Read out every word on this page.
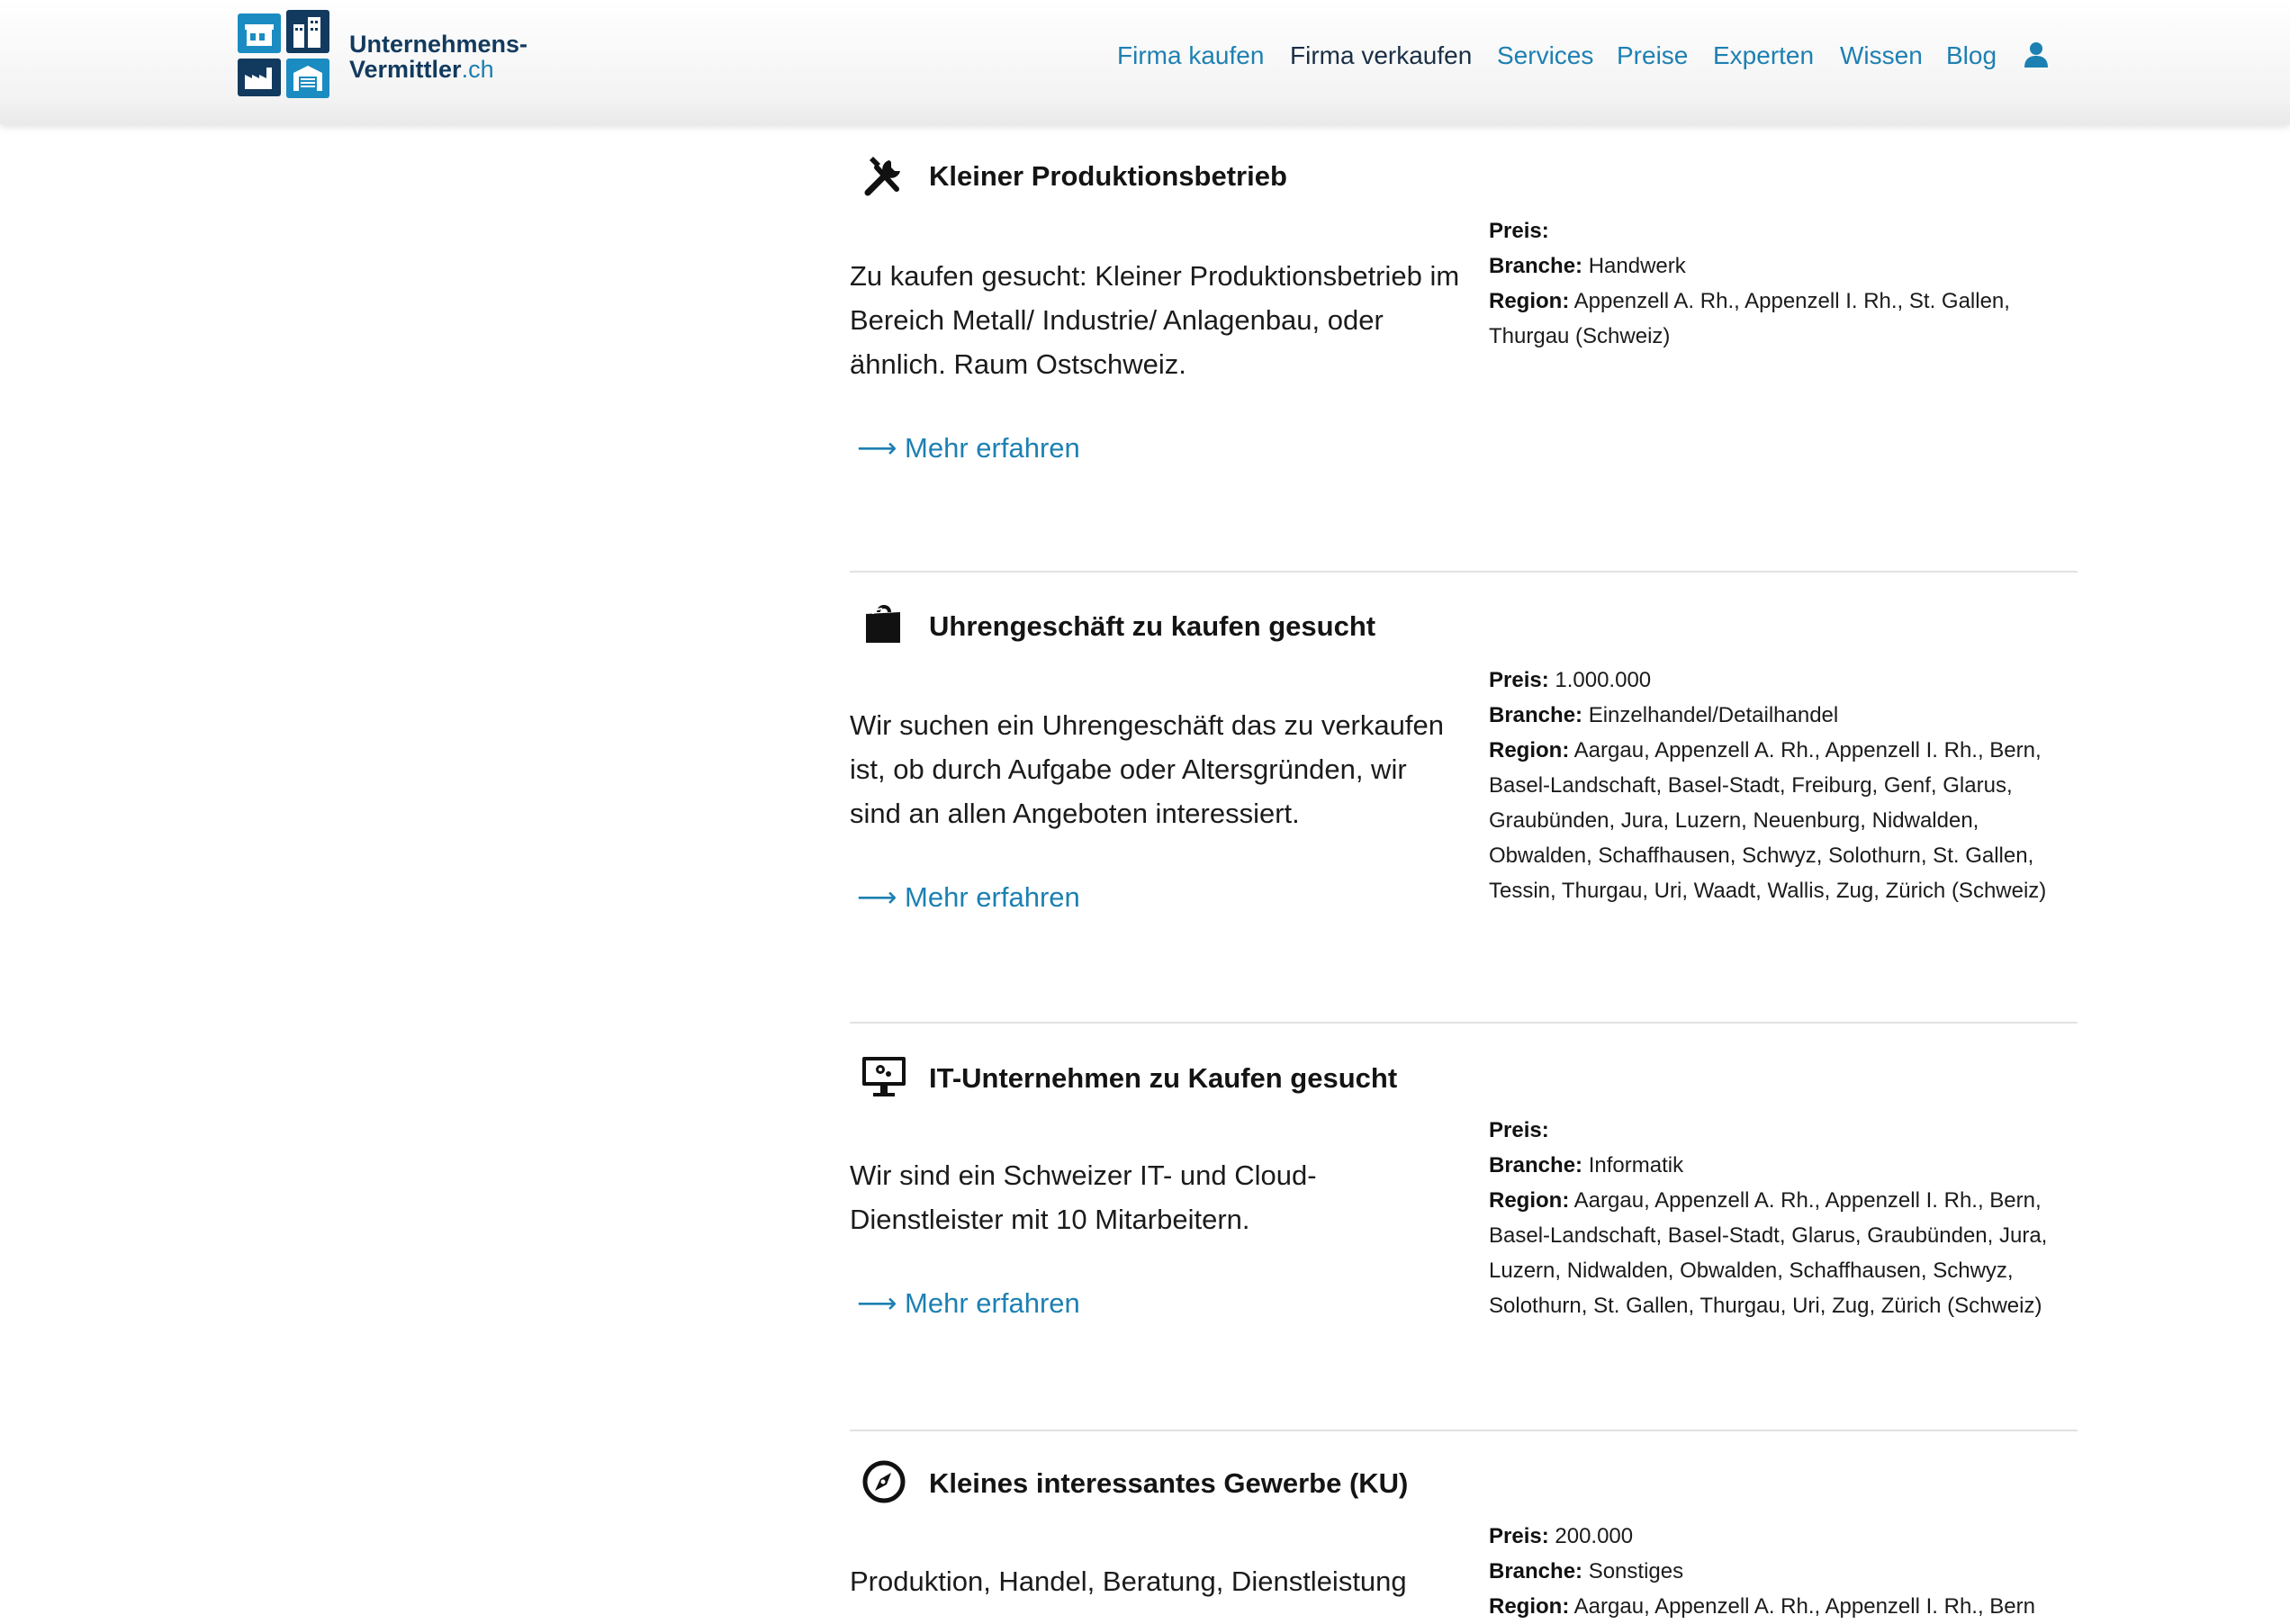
Unternehmens-
Vermittler.ch	Firma kaufen Firma verkaufen Services Preise Experten Wissen Blog
Kleiner Produktionsbetrieb
Zu kaufen gesucht: Kleiner Produktionsbetrieb im Bereich Metall/ Industrie/ Anlagenbau, oder ähnlich. Raum Ostschweiz.
⟶ Mehr erfahren
Preis:
Branche: Handwerk
Region: Appenzell A. Rh., Appenzell I. Rh., St. Gallen, Thurgau (Schweiz)
Uhrengeschäft zu kaufen gesucht
Wir suchen ein Uhrengeschäft das zu verkaufen ist, ob durch Aufgabe oder Altersgründen, wir sind an allen Angeboten interessiert.
⟶ Mehr erfahren
Preis: 1.000.000
Branche: Einzelhandel/Detailhandel
Region: Aargau, Appenzell A. Rh., Appenzell I. Rh., Bern, Basel-Landschaft, Basel-Stadt, Freiburg, Genf, Glarus, Graubünden, Jura, Luzern, Neuenburg, Nidwalden, Obwalden, Schaffhausen, Schwyz, Solothurn, St. Gallen, Tessin, Thurgau, Uri, Waadt, Wallis, Zug, Zürich (Schweiz)
IT-Unternehmen zu Kaufen gesucht
Wir sind ein Schweizer IT- und Cloud-Dienstleister mit 10 Mitarbeitern.
⟶ Mehr erfahren
Preis:
Branche: Informatik
Region: Aargau, Appenzell A. Rh., Appenzell I. Rh., Bern, Basel-Landschaft, Basel-Stadt, Glarus, Graubünden, Jura, Luzern, Nidwalden, Obwalden, Schaffhausen, Schwyz, Solothurn, St. Gallen, Thurgau, Uri, Zug, Zürich (Schweiz)
Kleines interessantes Gewerbe (KU)
Produktion, Handel, Beratung, Dienstleistung
Preis: 200.000
Branche: Sonstiges
Region: Aargau, Appenzell A. Rh., Appenzell I. Rh., Bern
